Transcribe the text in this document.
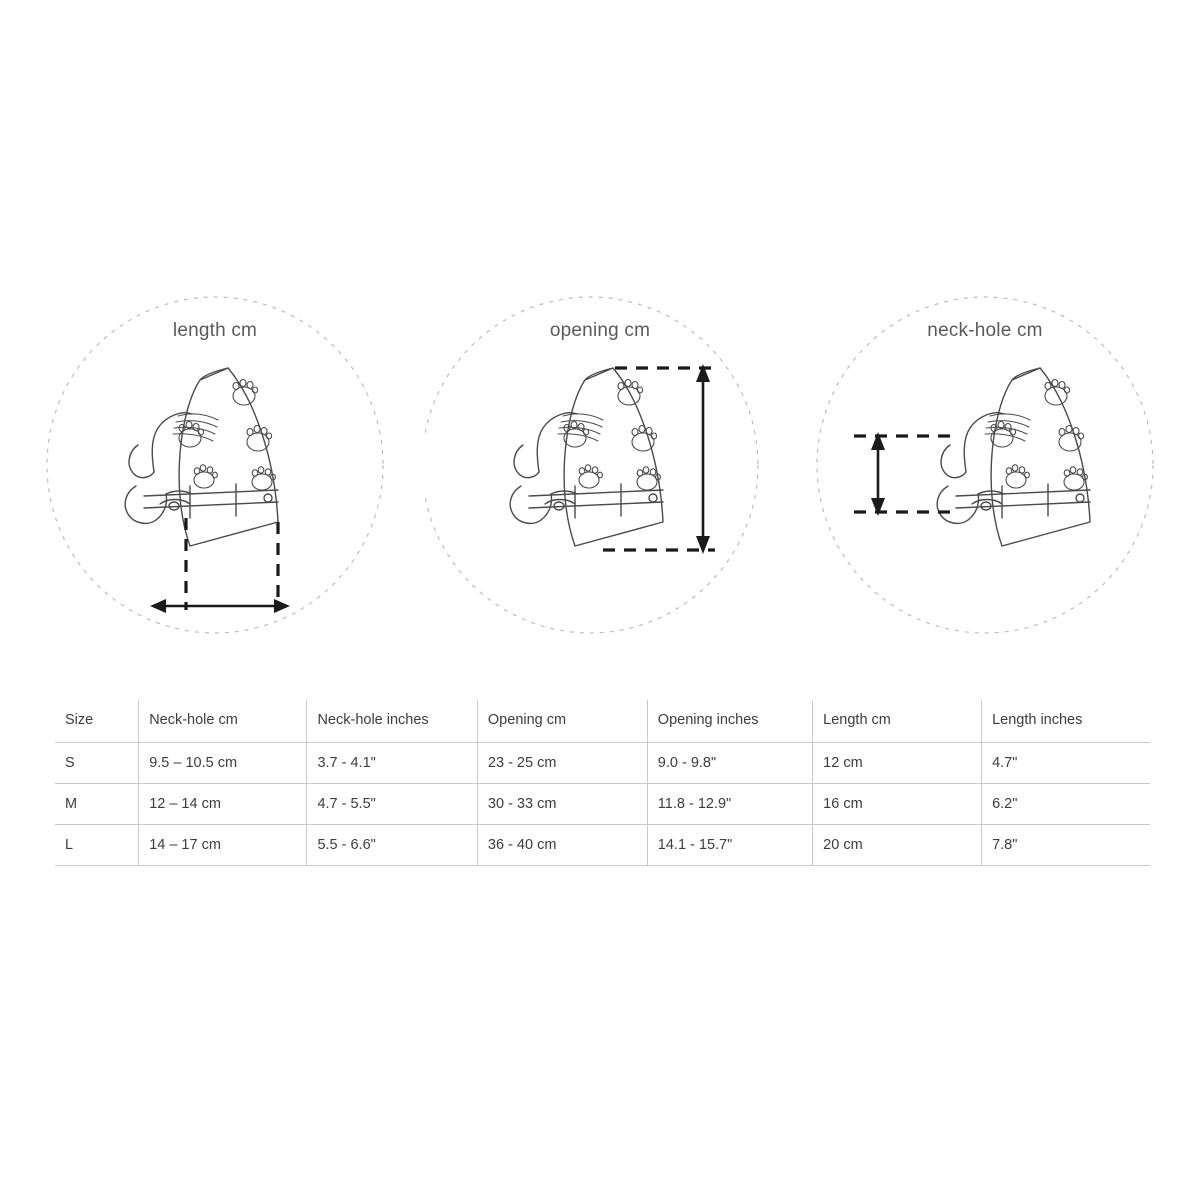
length cm	opening cm	neck-hole cm
Size	Neck-hole cm	Neck-hole inches	Opening cm	Opening inches	Length cm	Length inches
S	9.5 – 10.5 cm	3.7 - 4.1"	23 - 25 cm	9.0 - 9.8"	12 cm	4.7"
M	12 – 14 cm	4.7 - 5.5"	30 - 33 cm	11.8 - 12.9"	16 cm	6.2"
L	14 – 17 cm	5.5 - 6.6"	36 - 40 cm	14.1 - 15.7"	20 cm	7.8"
